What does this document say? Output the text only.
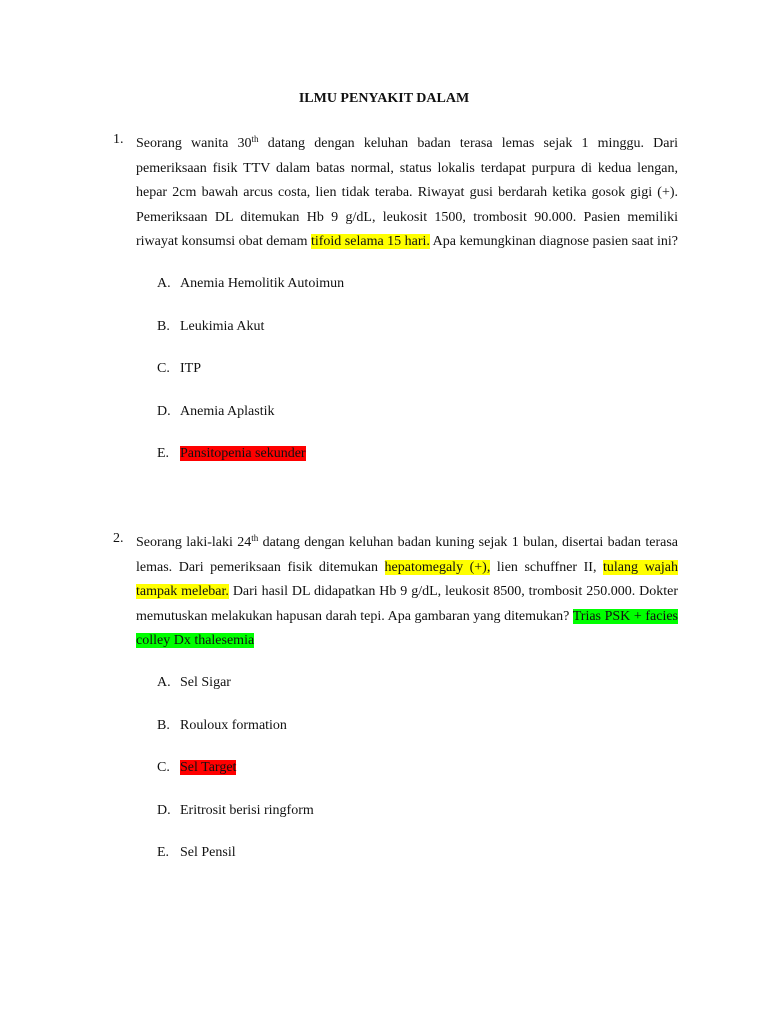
ILMU PENYAKIT DALAM
1. Seorang wanita 30th datang dengan keluhan badan terasa lemas sejak 1 minggu. Dari pemeriksaan fisik TTV dalam batas normal, status lokalis terdapat purpura di kedua lengan, hepar 2cm bawah arcus costa, lien tidak teraba. Riwayat gusi berdarah ketika gosok gigi (+). Pemeriksaan DL ditemukan Hb 9 g/dL, leukosit 1500, trombosit 90.000. Pasien memiliki riwayat konsumsi obat demam tifoid selama 15 hari. Apa kemungkinan diagnose pasien saat ini?
A. Anemia Hemolitik Autoimun
B. Leukimia Akut
C. ITP
D. Anemia Aplastik
E. Pansitopenia sekunder
2. Seorang laki-laki 24th datang dengan keluhan badan kuning sejak 1 bulan, disertai badan terasa lemas. Dari pemeriksaan fisik ditemukan hepatomegaly (+), lien schuffner II, tulang wajah tampak melebar. Dari hasil DL didapatkan Hb 9 g/dL, leukosit 8500, trombosit 250.000. Dokter memutuskan melakukan hapusan darah tepi. Apa gambaran yang ditemukan? Trias PSK + facies colley Dx thalesemia
A. Sel Sigar
B. Rouloux formation
C. Sel Target
D. Eritrosit berisi ringform
E. Sel Pensil
